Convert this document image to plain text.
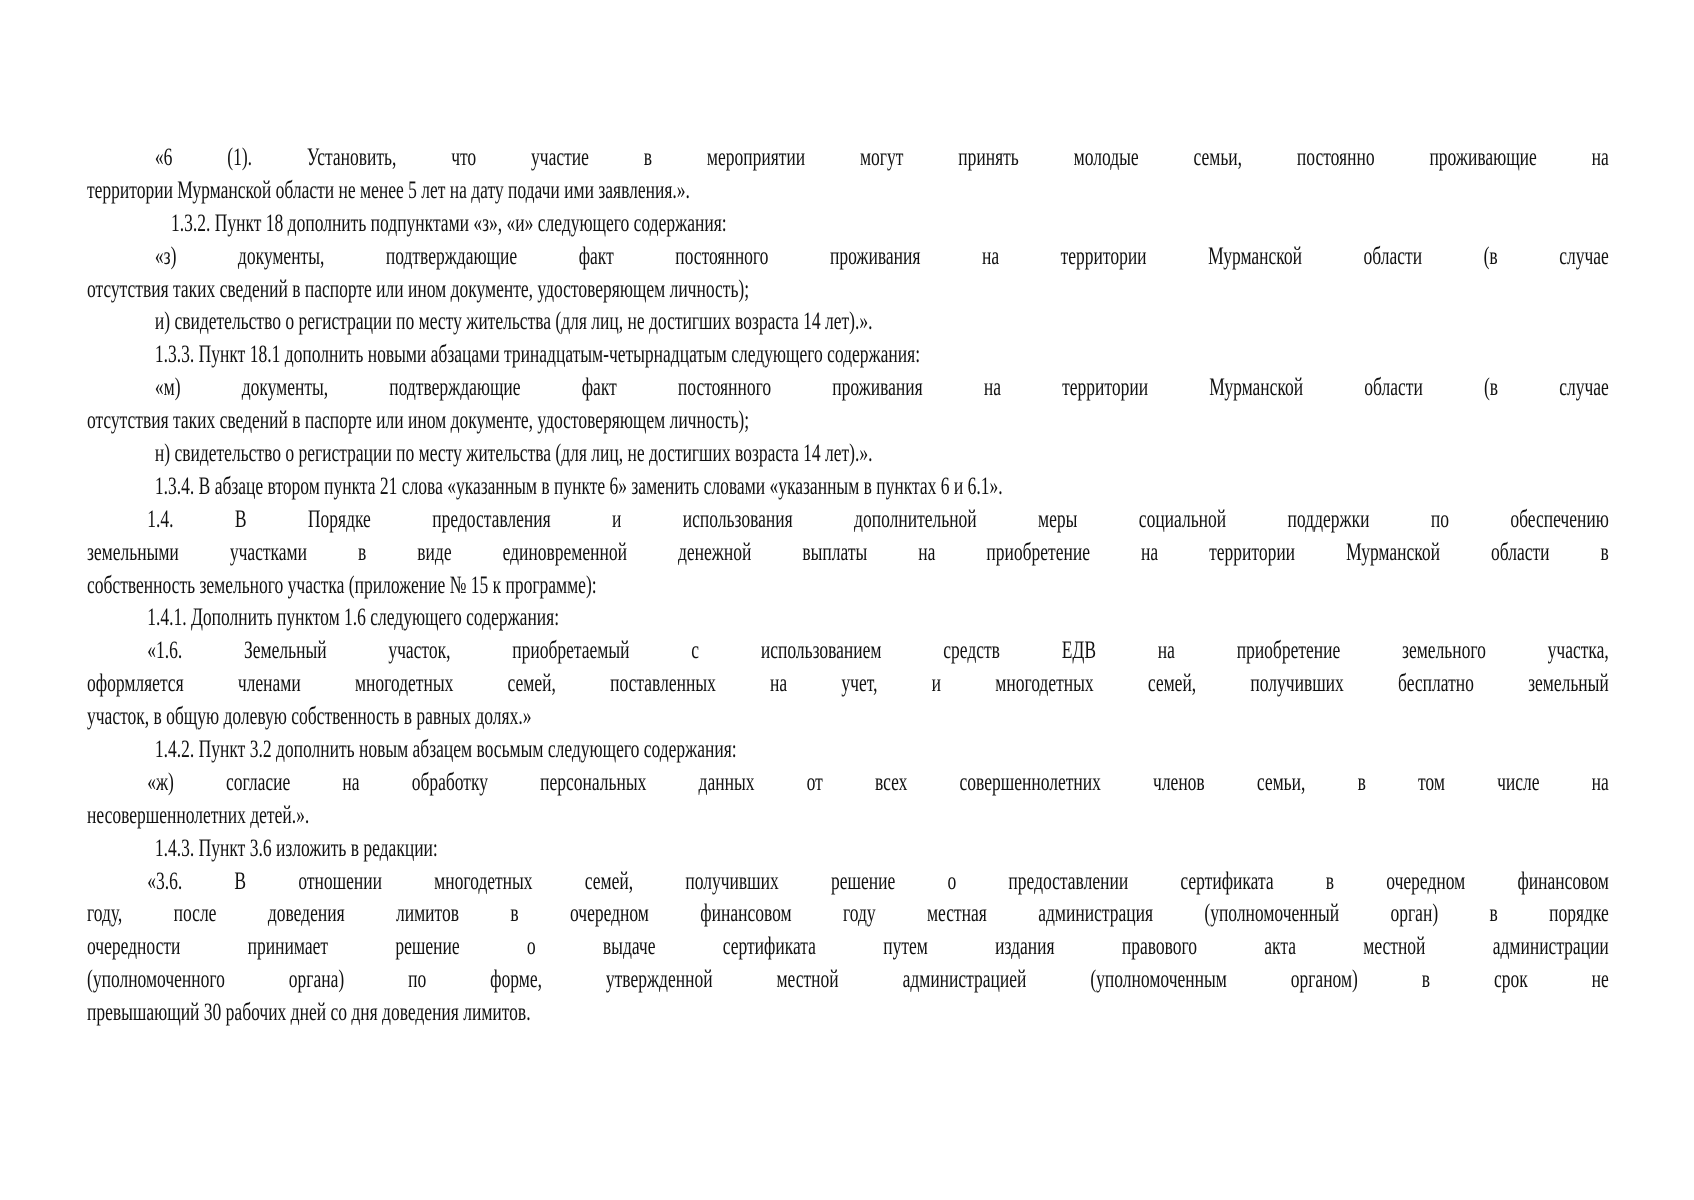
«6 (1). Установить, что участие в мероприятии могут принять молодые семьи, постоянно проживающие на
территории Мурманской области не менее 5 лет на дату подачи ими заявления.».
1.3.2. Пункт 18 дополнить подпунктами «з», «и» следующего содержания:
«з) документы, подтверждающие факт постоянного проживания на территории Мурманской области (в случае
отсутствия таких сведений в паспорте или ином документе, удостоверяющем личность);
и) свидетельство о регистрации по месту жительства (для лиц, не достигших возраста 14 лет).».
1.3.3. Пункт 18.1 дополнить новыми абзацами тринадцатым-четырнадцатым следующего содержания:
«м) документы, подтверждающие факт постоянного проживания на территории Мурманской области (в случае
отсутствия таких сведений в паспорте или ином документе, удостоверяющем личность);
н) свидетельство о регистрации по месту жительства (для лиц, не достигших возраста 14 лет).».
1.3.4. В абзаце втором пункта 21 слова «указанным в пункте 6» заменить словами «указанным в пунктах 6 и 6.1».
1.4. В Порядке предоставления и использования дополнительной меры социальной поддержки по обеспечению
земельными участками в виде единовременной денежной выплаты на приобретение на территории Мурманской области в
собственность земельного участка (приложение № 15 к программе):
1.4.1. Дополнить пунктом 1.6 следующего содержания:
«1.6. Земельный участок, приобретаемый с использованием средств ЕДВ на приобретение земельного участка,
оформляется членами многодетных семей, поставленных на учет, и многодетных семей, получивших бесплатно земельный
участок, в общую долевую собственность в равных долях.»
1.4.2. Пункт 3.2 дополнить новым абзацем восьмым следующего содержания:
«ж) согласие на обработку персональных данных от всех совершеннолетних членов семьи, в том числе на
несовершеннолетних детей.».
1.4.3. Пункт 3.6 изложить в редакции:
«3.6. В отношении многодетных семей, получивших решение о предоставлении сертификата в очередном финансовом
году, после доведения лимитов в очередном финансовом году местная администрация (уполномоченный орган) в порядке
очередности принимает решение о выдаче сертификата путем издания правового акта местной администрации
(уполномоченного органа) по форме, утвержденной местной администрацией (уполномоченным органом) в срок не
превышающий 30 рабочих дней со дня доведения лимитов.
